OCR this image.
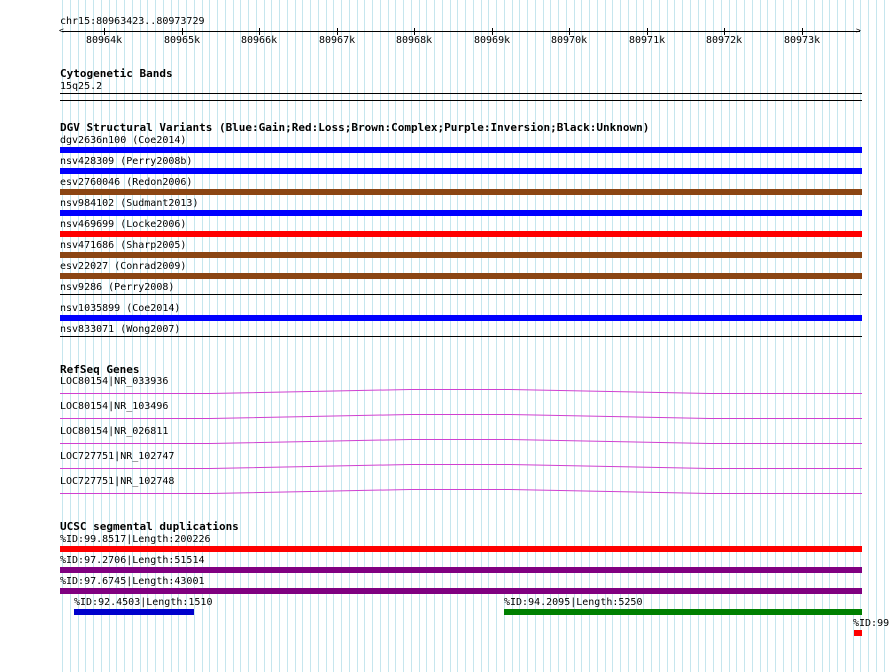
chr15:80963423..80973729
<	>
80964k	80965k	80966k	80967k	80968k	80969k	80970k	80971k	80972k	80973k
Cytogenetic Bands
15q25.2
DGV Structural Variants (Blue:Gain;Red:Loss;Brown:Complex;Purple:Inversion;Black:Unknown)
dgv2636n100 (Coe2014)
nsv428309 (Perry2008b)
esv2760046 (Redon2006)
nsv984102 (Sudmant2013)
nsv469699 (Locke2006)
nsv471686 (Sharp2005)
esv22027 (Conrad2009)
nsv9286 (Perry2008)
nsv1035899 (Coe2014)
nsv833071 (Wong2007)
RefSeq Genes
LOC80154|NR_033936
LOC80154|NR_103496
LOC80154|NR_026811
LOC727751|NR_102747
LOC727751|NR_102748
UCSC segmental duplications
%ID:99.8517|Length:200226
%ID:97.2706|Length:51514
%ID:97.6745|Length:43001
%ID:92.4503|Length:1510	%ID:94.2095|Length:5250
%ID:99
